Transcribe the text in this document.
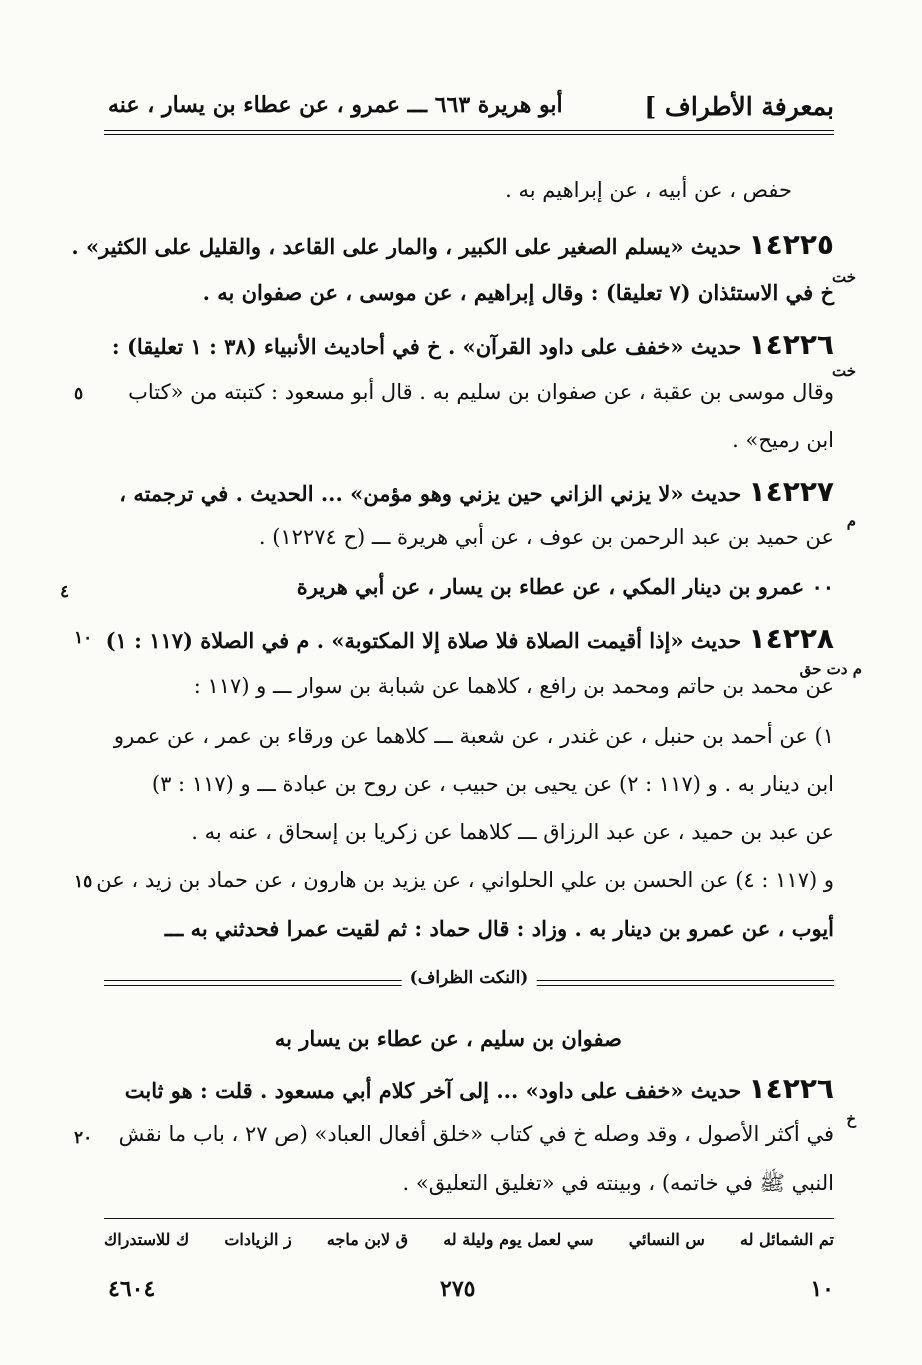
بمعرفة الأطراف ]
أبو هريرة ٦٦٣ ـــ عمرو ، عن عطاء بن يسار ، عنه
حفص ، عن أبيه ، عن إبراهيم به .
١٤٢٢٥ حديث «يسلم الصغير على الكبير ، والمار على القاعد ، والقليل على الكثير» .
خ في الاستئذان (٧ تعليقا) : وقال إبراهيم ، عن موسى ، عن صفوان به .
١٤٢٢٦ حديث «خفف على داود القرآن» . خ في أحاديث الأنبياء (٣٨ : ١ تعليقا) :
وقال موسى بن عقبة ، عن صفوان بن سليم به . قال أبو مسعود : كتبته من «كتاب
ابن رميح» .
١٤٢٢٧ حديث «لا يزني الزاني حين يزني وهو مؤمن» ... الحديث . في ترجمته ،
عن حميد بن عبد الرحمن بن عوف ، عن أبي هريرة ـــ (ح ١٢٢٧٤) .
٠٠ عمرو بن دينار المكي ، عن عطاء بن يسار ، عن أبي هريرة
١٤٢٢٨ حديث «إذا أقيمت الصلاة فلا صلاة إلا المكتوبة» . م في الصلاة (١١٧ : ١)
عن محمد بن حاتم ومحمد بن رافع ، كلاهما عن شبابة بن سوار ـــ و (١١٧ :
١) عن أحمد بن حنبل ، عن غندر ، عن شعبة ـــ كلاهما عن ورقاء بن عمر ، عن عمرو
ابن دينار به . و (١١٧ : ٢) عن يحيى بن حبيب ، عن روح بن عبادة ـــ و (١١٧ : ٣)
عن عبد بن حميد ، عن عبد الرزاق ـــ كلاهما عن زكريا بن إسحاق ، عنه به .
و (١١٧ : ٤) عن الحسن بن علي الحلواني ، عن يزيد بن هارون ، عن حماد بن زيد ، عن
أيوب ، عن عمرو بن دينار به . وزاد : قال حماد : ثم لقيت عمرا فحدثني به ـــ
خت
خت
٥
م
٤
١٠
م دت حق
١٥
(النكت الظراف)
صفوان بن سليم ، عن عطاء بن يسار به
١٤٢٢٦ حديث «خفف على داود» ... إلى آخر كلام أبي مسعود . قلت : هو ثابت
في أكثر الأصول ، وقد وصله خ في كتاب «خلق أفعال العباد» (ص ٢٧ ، باب ما نقش
النبي ﷺ في خاتمه) ، وبينته في «تغليق التعليق» .
خ
٢٠
تم الشمائل له
س النسائي
سي لعمل يوم وليلة له
ق لابن ماجه
ز الزيادات
ك للاستدراك
١٠
٢٧٥
٤٦٠٤
